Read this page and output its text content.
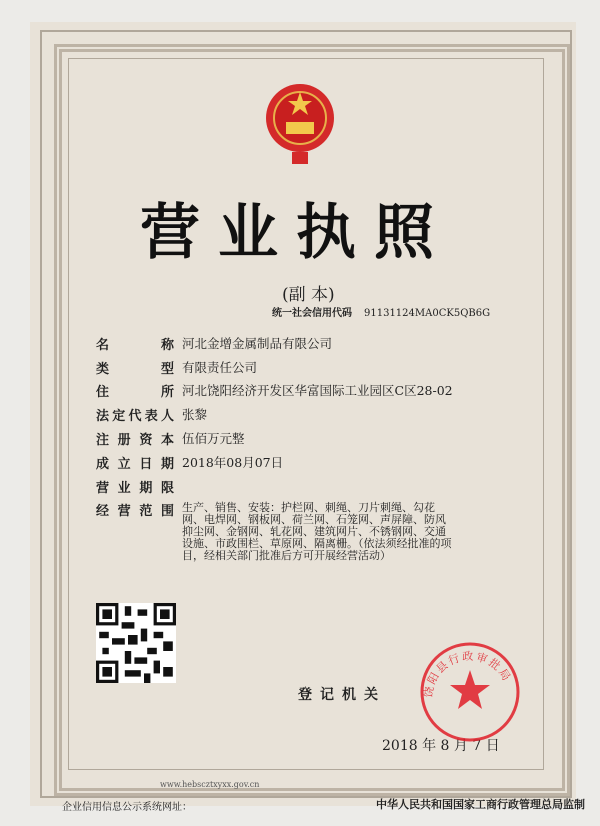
营业执照
(副 本)
统一社会信用代码 91131124MA0CK5QB6G
名称 河北金增金属制品有限公司
类型 有限责任公司
住所 河北饶阳经济开发区华富国际工业园区C区28-02
法定代表人 张黎
注册资本 伍佰万元整
成立日期 2018年08月07日
营业期限
经营范围 生产、销售、安装：护栏网、刺绳、刀片刺绳、勾花网、电焊网、钢板网、荷兰网、石笼网、声屏障、防风抑尘网、金钢网、轧花网、建筑网片、不锈钢网、交通设施、市政围栏、草原网、隔离栅。（依法须经批准的项目，经相关部门批准后方可开展经营活动）
登记机关
2018 年 8 月 7 日
饶阳县行政审批局
www.hebscztxyxx.gov.cn
企业信用信息公示系统网址：	中华人民共和国国家工商行政管理总局监制
